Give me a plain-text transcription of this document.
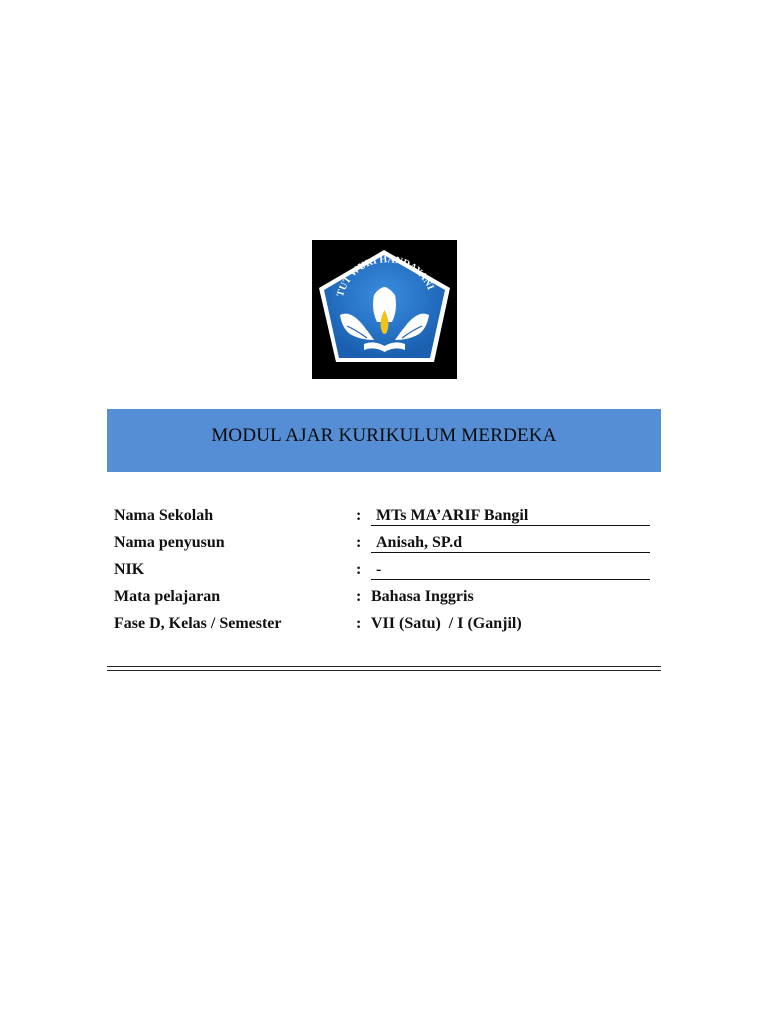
TUT WURI HANDAYANI
MODUL AJAR KURIKULUM MERDEKA
Nama Sekolah	: MTs MA’ARIF Bangil
Nama penyusun	: Anisah, SP.d
NIK	: -
Mata pelajaran	: Bahasa Inggris
Fase D, Kelas / Semester	: VII (Satu)  / I (Ganjil)
